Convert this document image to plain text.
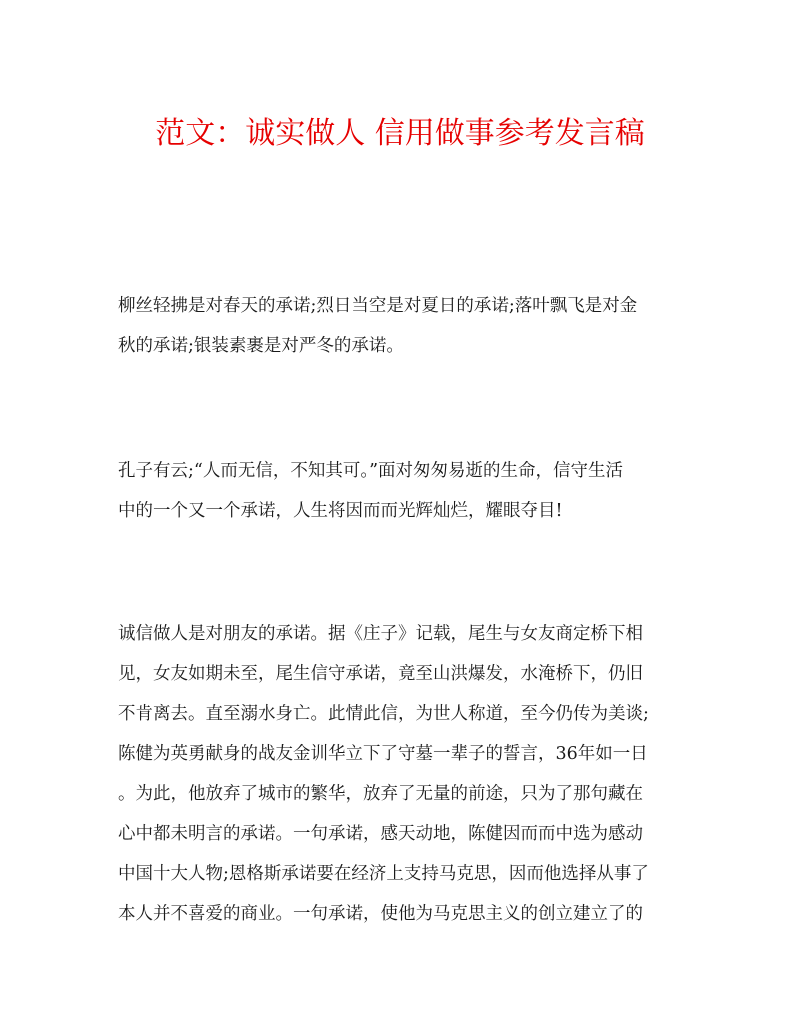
范文：诚实做人 信用做事参考发言稿

柳丝轻拂是对春天的承诺;烈日当空是对夏日的承诺;落叶飘飞是对金
秋的承诺;银装素裹是对严冬的承诺。

孔子有云;“人而无信，不知其可。”面对匆匆易逝的生命，信守生活
中的一个又一个承诺，人生将因而而光辉灿烂，耀眼夺目!

诚信做人是对朋友的承诺。据《庄子》记载，尾生与女友商定桥下相
见，女友如期未至，尾生信守承诺，竟至山洪爆发，水淹桥下，仍旧
不肯离去。直至溺水身亡。此情此信，为世人称道，至今仍传为美谈;
陈健为英勇献身的战友金训华立下了守墓一辈子的誓言，36年如一日
。为此，他放弃了城市的繁华，放弃了无量的前途，只为了那句藏在
心中都未明言的承诺。一句承诺，感天动地，陈健因而而中选为感动
中国十大人物;恩格斯承诺要在经济上支持马克思，因而他选择从事了
本人并不喜爱的商业。一句承诺，使他为马克思主义的创立建立了的
